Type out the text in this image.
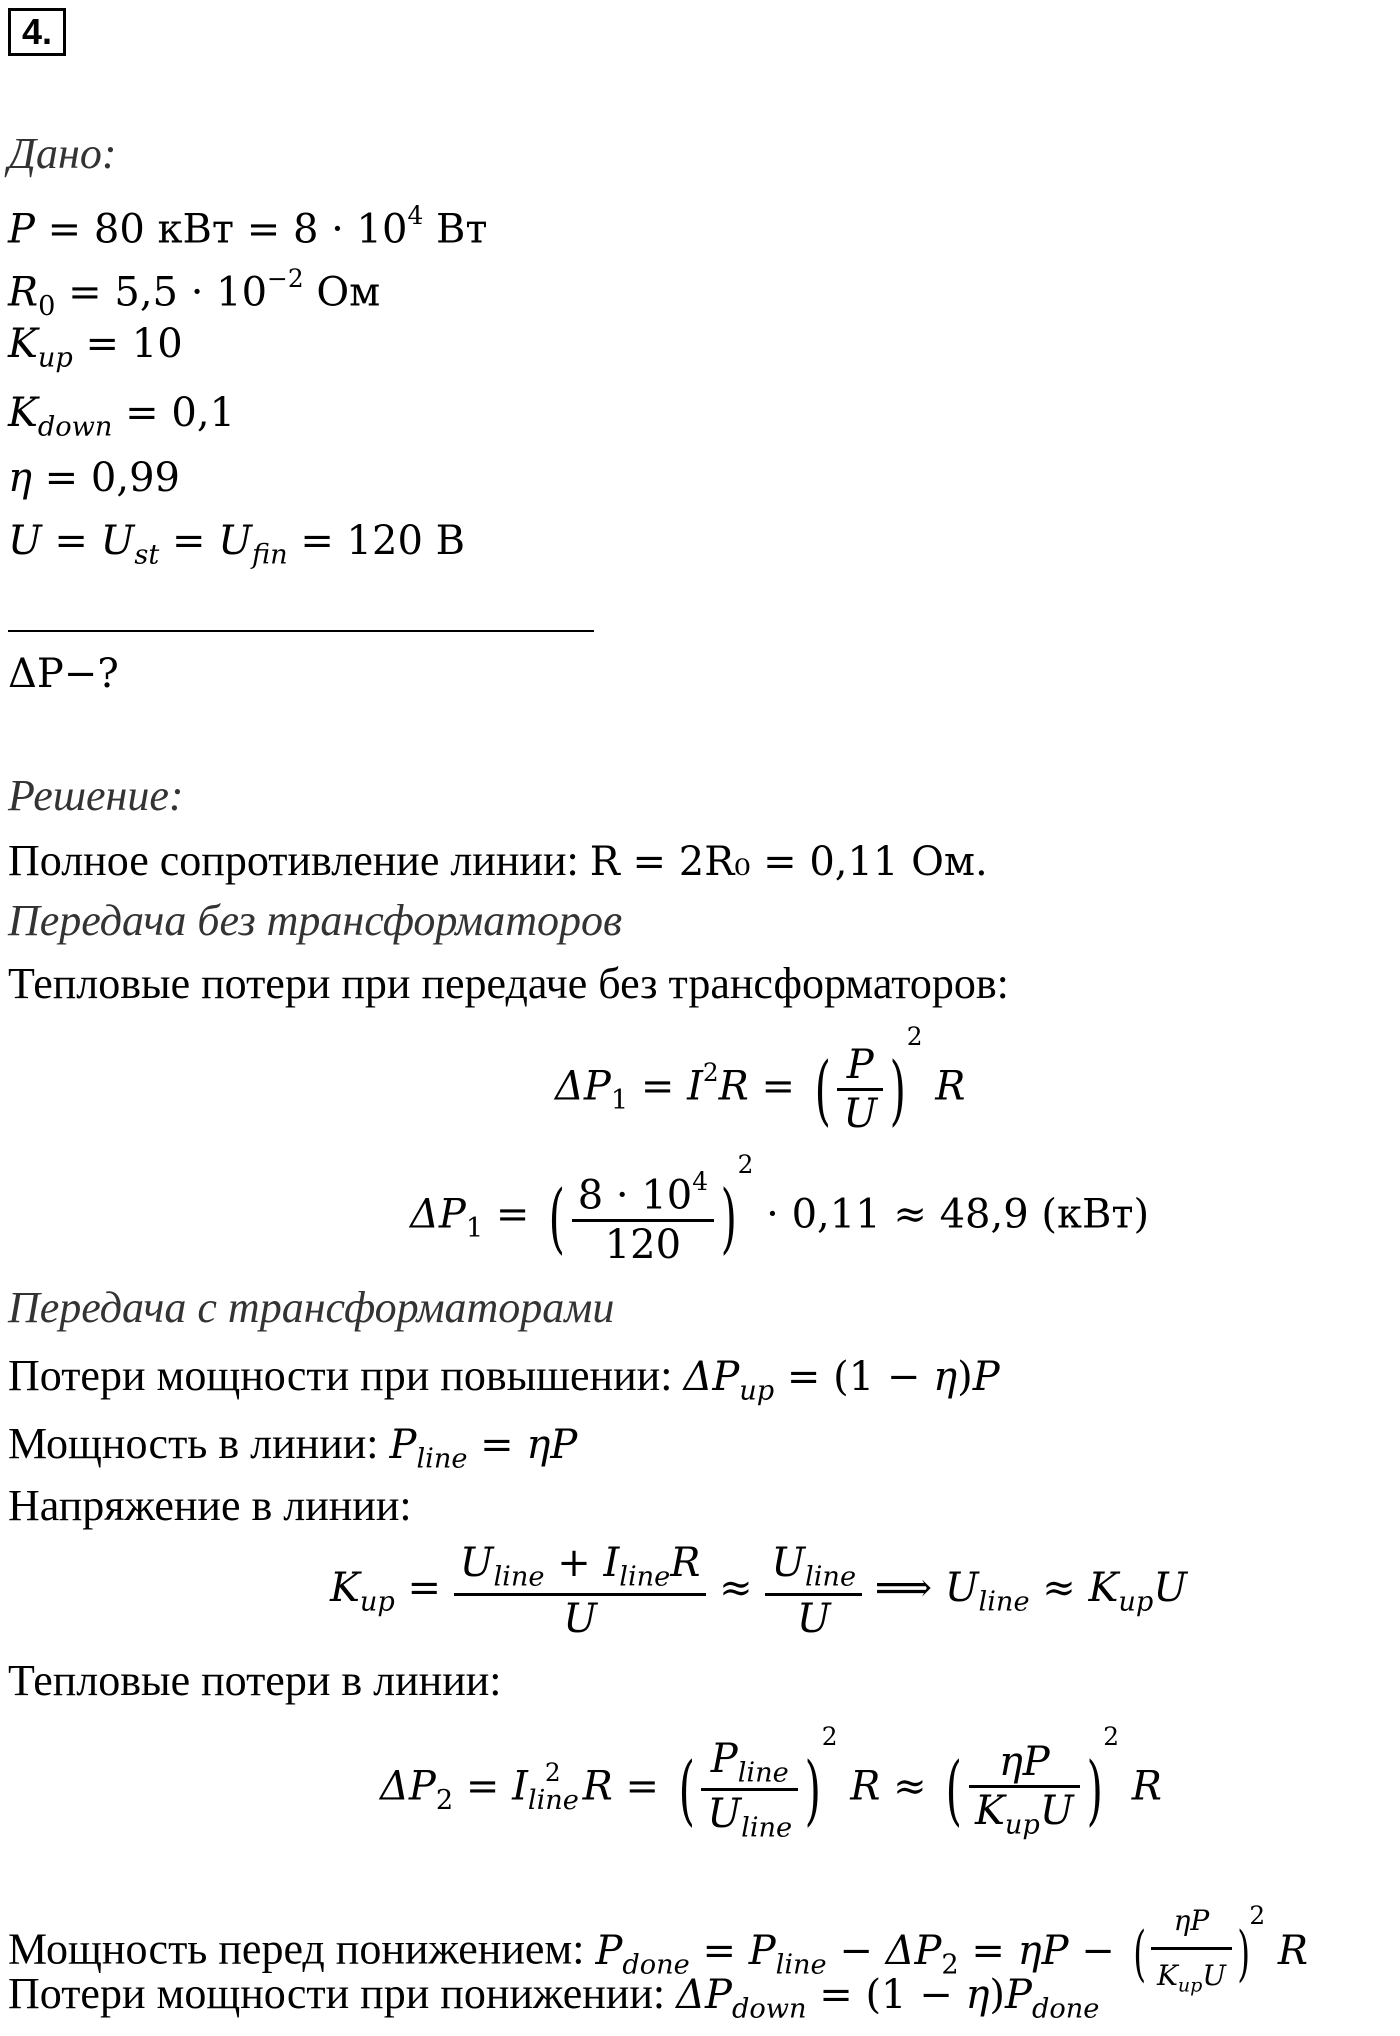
4.
Дано:
P = 80 кВт = $8 \cdot 10^4$ Вт
$R_0 = 5,5 \cdot 10^{-2}$ Ом
$K_{up} = 10$
$K_{down} = 0,1$
η = 0,99
$U = U_{st} = U_{fin} = 120$ В
ΔP−?
Решение:
Полное сопротивление линии: R = 2R₀ = 0,11 Ом.
Передача без трансформаторов
Тепловые потери при передаче без трансформаторов:
$\Delta P_1 = I^2R$ = ( $\frac{P}{U} )^2$ R
$\Delta P_1$ = ( $\frac{8 \cdot 10^4}{120} )^2 \cdot 0,11 \approx 48,9$ (кВт)
Передача с трансформаторами
Потери мощности при повышении: $\Delta P_{up} = (1 - \eta)P$
Мощность в линии: $P_{line} = \eta P$
Напряжение в линии:
$K_{up} = \frac{U_{line} + I_{line}R}{U} \approx \frac{U_{line}}{U}$ ⟹ $U_{line} \approx K_{up}U$
Тепловые потери в линии:
$\Delta P_2 = I_{line}^2$ R = ( $\frac{P_{line}}{U_{line}} )^2$ R ≈ ( $\frac{\eta P}{K_{up}U} )^2$ R
Мощность перед понижением: $P_{done} = P_{line} - \Delta P_2 = \eta P$ − ( $\frac{\eta P}{K_{up}U} )^2$ R
Потери мощности при понижении: $\Delta P_{down} = (1 - \eta)P_{done}$
